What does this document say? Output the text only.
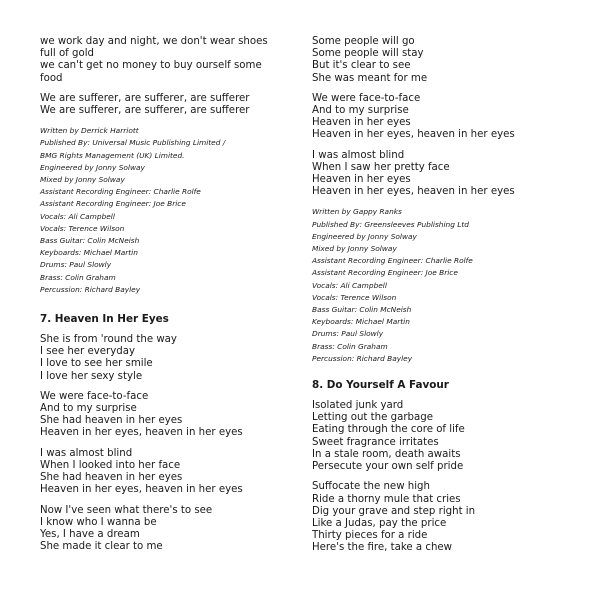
we work day and night, we don't wear shoes
full of gold
we can't get no money to buy ourself some
food
We are sufferer, are sufferer, are sufferer
We are sufferer, are sufferer, are sufferer
Written by Derrick Harriott
Published By: Universal Music Publishing Limited /
BMG Rights Management (UK) Limited.
Engineered by Jonny Solway
Mixed by Jonny Solway
Assistant Recording Engineer: Charlie Rolfe
Assistant Recording Engineer: Joe Brice
Vocals: Ali Campbell
Vocals: Terence Wilson
Bass Guitar: Colin McNeish
Keyboards: Michael Martin
Drums: Paul Slowly
Brass: Colin Graham
Percussion: Richard Bayley
7. Heaven In Her Eyes
She is from 'round the way
I see her everyday
I love to see her smile
I love her sexy style
We were face-to-face
And to my surprise
She had heaven in her eyes
Heaven in her eyes, heaven in her eyes
I was almost blind
When I looked into her face
She had heaven in her eyes
Heaven in her eyes, heaven in her eyes
Now I've seen what there's to see
I know who I wanna be
Yes, I have a dream
She made it clear to me
Some people will go
Some people will stay
But it's clear to see
She was meant for me
We were face-to-face
And to my surprise
Heaven in her eyes
Heaven in her eyes, heaven in her eyes
I was almost blind
When I saw her pretty face
Heaven in her eyes
Heaven in her eyes, heaven in her eyes
Written by Gappy Ranks
Published By: Greensleeves Publishing Ltd
Engineered by Jonny Solway
Mixed by Jonny Solway
Assistant Recording Engineer: Charlie Rolfe
Assistant Recording Engineer: Joe Brice
Vocals: Ali Campbell
Vocals: Terence Wilson
Bass Guitar: Colin McNeish
Keyboards: Michael Martin
Drums: Paul Slowly
Brass: Colin Graham
Percussion: Richard Bayley
8. Do Yourself A Favour
Isolated junk yard
Letting out the garbage
Eating through the core of life
Sweet fragrance irritates
In a stale room, death awaits
Persecute your own self pride
Suffocate the new high
Ride a thorny mule that cries
Dig your grave and step right in
Like a Judas, pay the price
Thirty pieces for a ride
Here's the fire, take a chew
